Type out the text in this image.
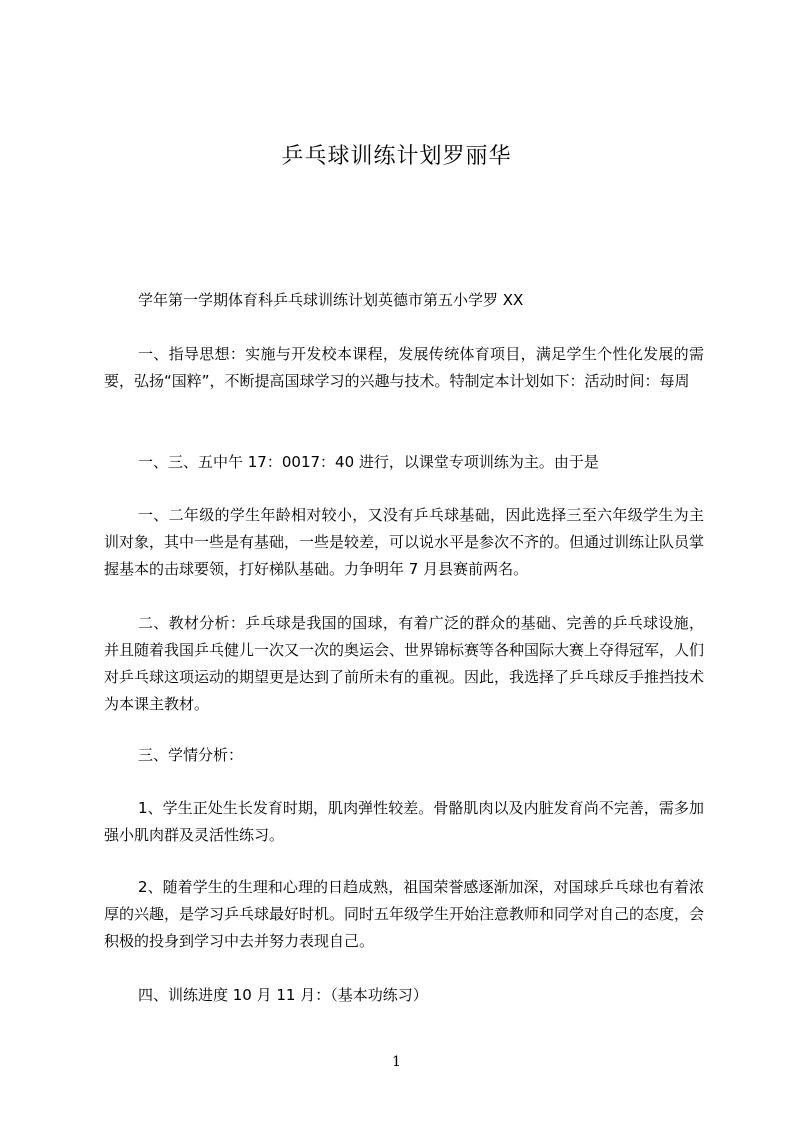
乒乓球训练计划罗丽华
学年第一学期体育科乒乓球训练计划英德市第五小学罗 XX
一、指导思想：实施与开发校本课程，发展传统体育项目，满足学生个性化发展的需要，弘扬“国粹”，不断提高国球学习的兴趣与技术。特制定本计划如下：活动时间：每周
一、三、五中午 17：0017：40 进行，以课堂专项训练为主。由于是
一、二年级的学生年龄相对较小，又没有乒乓球基础，因此选择三至六年级学生为主训对象，其中一些是有基础，一些是较差，可以说水平是参次不齐的。但通过训练让队员掌握基本的击球要领，打好梯队基础。力争明年 7 月县赛前两名。
二、教材分析：乒乓球是我国的国球，有着广泛的群众的基础、完善的乒乓球设施，并且随着我国乒乓健儿一次又一次的奥运会、世界锦标赛等各种国际大赛上夺得冠军，人们对乒乓球这项运动的期望更是达到了前所未有的重视。因此，我选择了乒乓球反手推挡技术为本课主教材。
三、学情分析：
1、学生正处生长发育时期，肌肉弹性较差。骨骼肌肉以及内脏发育尚不完善，需多加强小肌肉群及灵活性练习。
2、随着学生的生理和心理的日趋成熟，祖国荣誉感逐渐加深，对国球乒乓球也有着浓厚的兴趣，是学习乒乓球最好时机。同时五年级学生开始注意教师和同学对自己的态度，会积极的投身到学习中去并努力表现自己。
四、训练进度 10 月 11 月：（基本功练习）
1
